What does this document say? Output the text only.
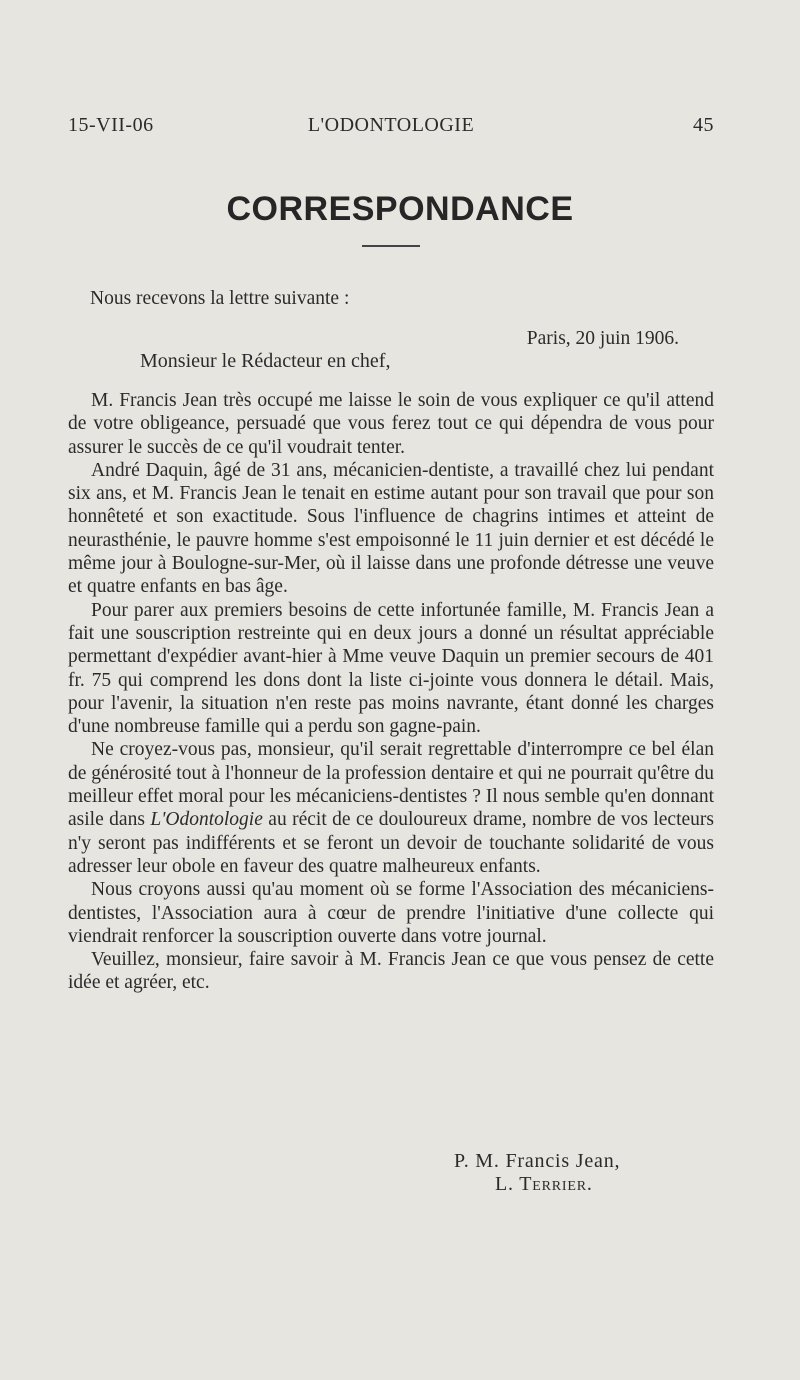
15-VII-06	L'ODONTOLOGIE	45
CORRESPONDANCE
Nous recevons la lettre suivante :
Paris, 20 juin 1906.
Monsieur le Rédacteur en chef,

M. Francis Jean très occupé me laisse le soin de vous expliquer ce qu'il attend de votre obligeance, persuadé que vous ferez tout ce qui dépendra de vous pour assurer le succès de ce qu'il voudrait tenter.

André Daquin, âgé de 31 ans, mécanicien-dentiste, a travaillé chez lui pendant six ans, et M. Francis Jean le tenait en estime autant pour son travail que pour son honnêteté et son exactitude. Sous l'influence de chagrins intimes et atteint de neurasthénie, le pauvre homme s'est empoisonné le 11 juin dernier et est décédé le même jour à Boulogne-sur-Mer, où il laisse dans une profonde détresse une veuve et quatre enfants en bas âge.

Pour parer aux premiers besoins de cette infortunée famille, M. Francis Jean a fait une souscription restreinte qui en deux jours a donné un résultat appréciable permettant d'expédier avant-hier à Mme veuve Daquin un premier secours de 401 fr. 75 qui comprend les dons dont la liste ci-jointe vous donnera le détail. Mais, pour l'avenir, la situation n'en reste pas moins navrante, étant donné les charges d'une nombreuse famille qui a perdu son gagne-pain.

Ne croyez-vous pas, monsieur, qu'il serait regrettable d'interrompre ce bel élan de générosité tout à l'honneur de la profession dentaire et qui ne pourrait qu'être du meilleur effet moral pour les mécaniciens-dentistes ? Il nous semble qu'en donnant asile dans L'Odontologie au récit de ce douloureux drame, nombre de vos lecteurs n'y seront pas indifférents et se feront un devoir de touchante solidarité de vous adresser leur obole en faveur des quatre malheureux enfants.

Nous croyons aussi qu'au moment où se forme l'Association des mécaniciens-dentistes, l'Association aura à cœur de prendre l'initiative d'une collecte qui viendrait renforcer la souscription ouverte dans votre journal.

Veuillez, monsieur, faire savoir à M. Francis Jean ce que vous pensez de cette idée et agréer, etc.

P. M. Francis Jean,
L. Terrier.
